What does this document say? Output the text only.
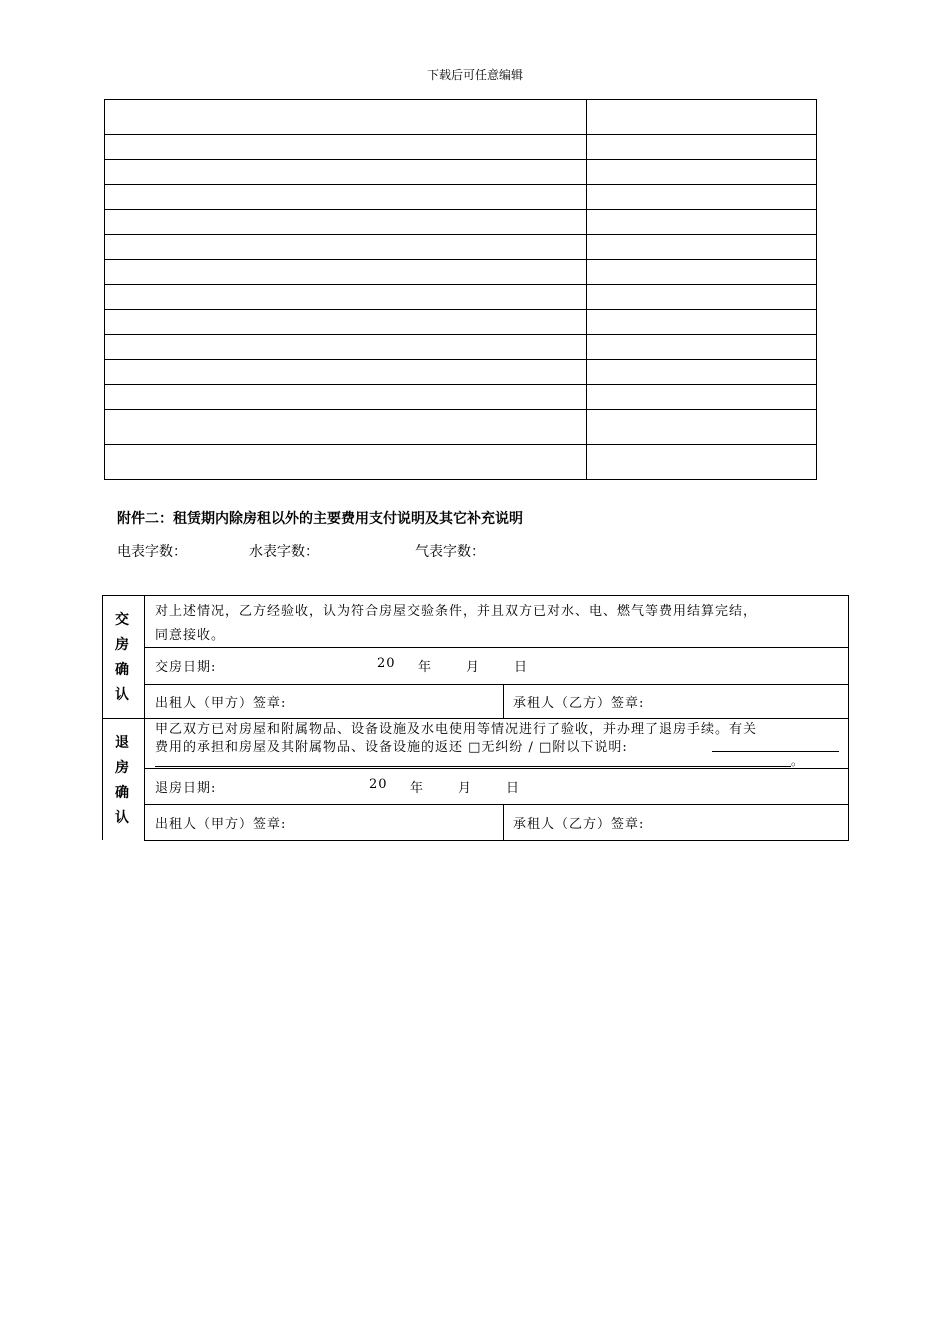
下载后可任意编辑

附件二：租赁期内除房租以外的主要费用支付说明及其它补充说明
电表字数：	水表字数：	气表字数：
交
房
确
认
对上述情况，乙方经验收，认为符合房屋交验条件，并且双方已对水、电、燃气等费用结算完结，
同意接收。
交房日期:	20 年	月	日
出租人（甲方）签章:	承租人（乙方）签章:
退
房
确
认
甲乙双方已对房屋和附属物品、设备设施及水电使用等情况进行了验收，并办理了退房手续。有关
费用的承担和房屋及其附属物品、设备设施的返还 □无纠纷 / □附以下说明:
。
退房日期:	20 年	月	日
出租人（甲方）签章:	承租人（乙方）签章:
